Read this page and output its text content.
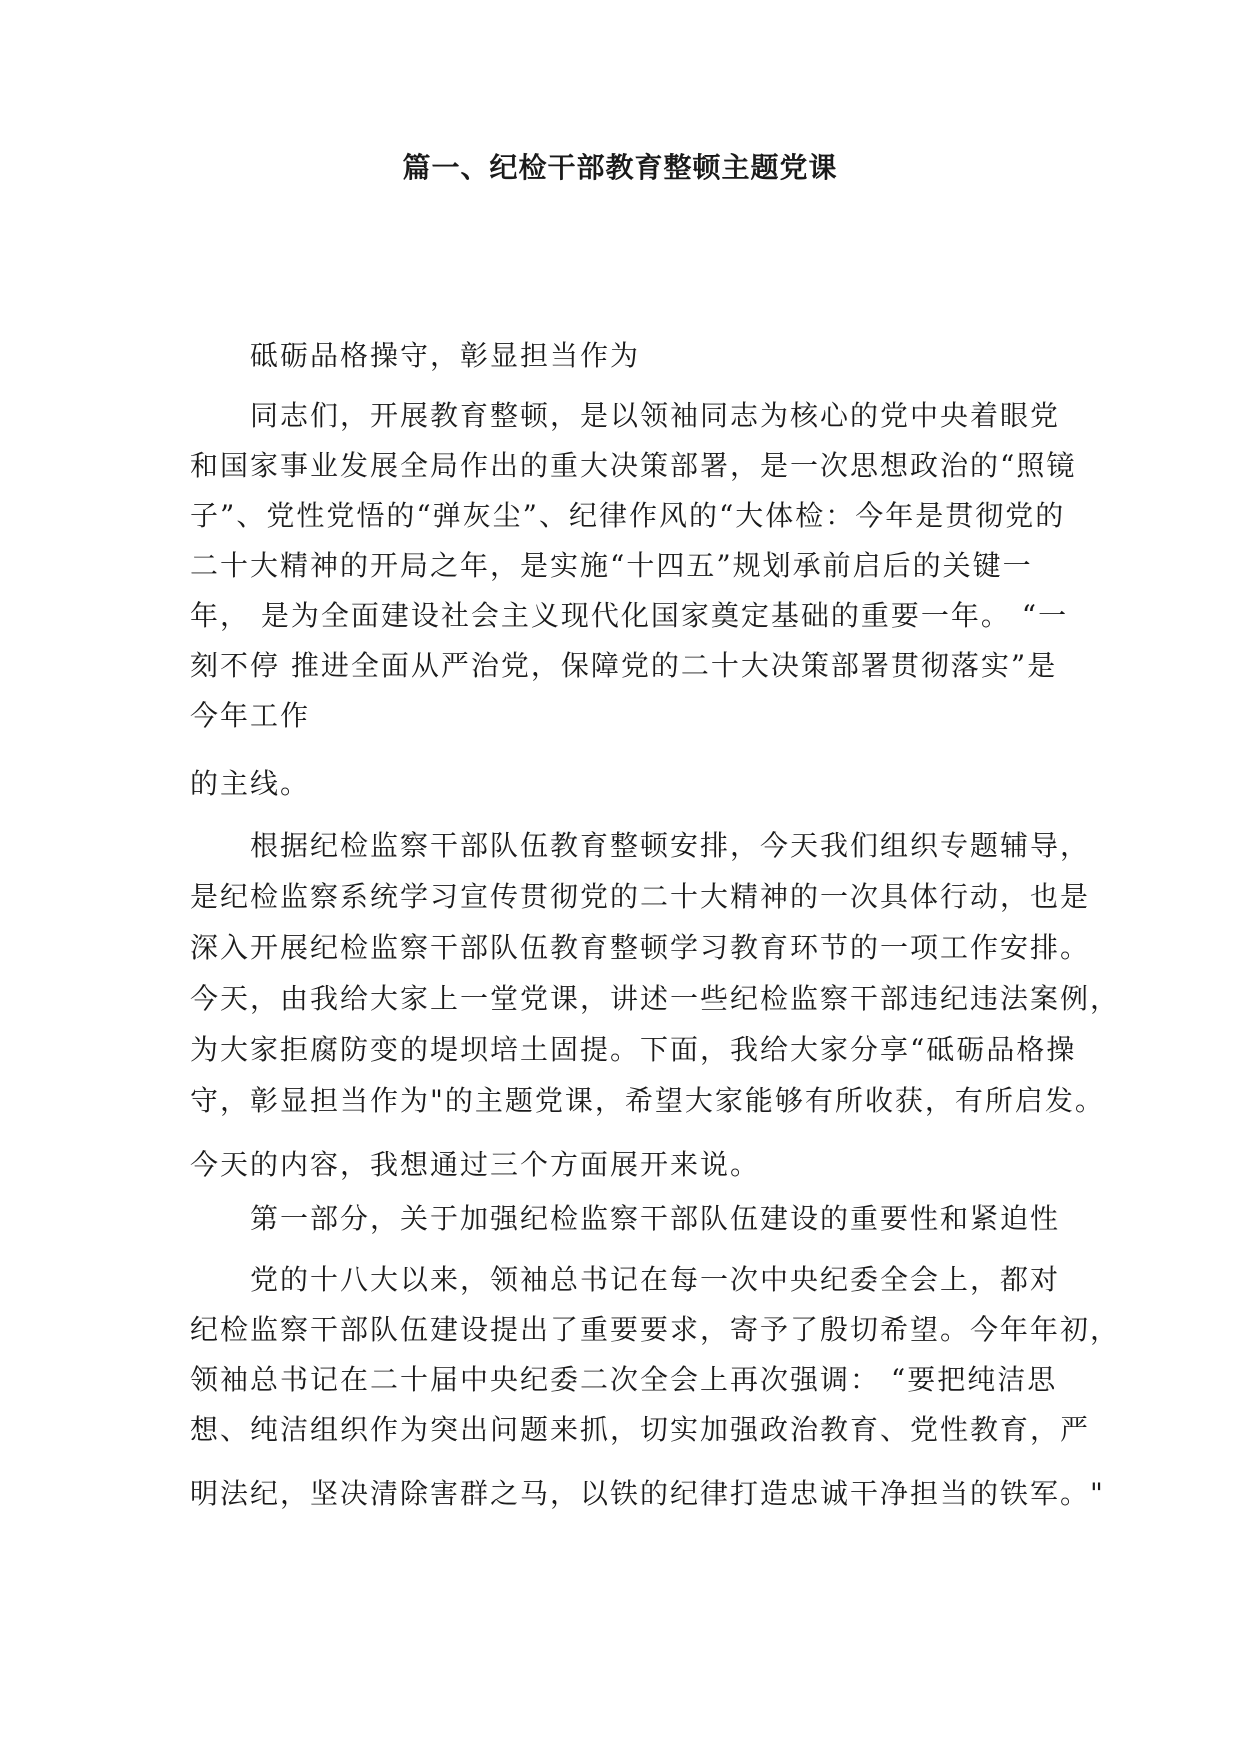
篇一、纪检干部教育整顿主题党课

砥砺品格操守，彰显担当作为

同志们，开展教育整顿，是以领袖同志为核心的党中央着眼党

和国家事业发展全局作出的重大决策部署，是一次思想政治的“照镜

子”、党性党悟的“弹灰尘”、纪律作风的“大体检：今年是贯彻党的

二十大精神的开局之年，是实施“十四五”规划承前启后的关键一

年， 是为全面建设社会主义现代化国家奠定基础的重要一年。 “一

刻不停 推进全面从严治党，保障党的二十大决策部署贯彻落实”是

今年工作

的主线。

根据纪检监察干部队伍教育整顿安排，今天我们组织专题辅导，

是纪检监察系统学习宣传贯彻党的二十大精神的一次具体行动，也是

深入开展纪检监察干部队伍教育整顿学习教育环节的一项工作安排。

今天，由我给大家上一堂党课，讲述一些纪检监察干部违纪违法案例，

为大家拒腐防变的堤坝培土固提。下面，我给大家分享“砥砺品格操

守，彰显担当作为"的主题党课，希望大家能够有所收获，有所启发。

今天的内容，我想通过三个方面展开来说。

第一部分，关于加强纪检监察干部队伍建设的重要性和紧迫性

党的十八大以来，领袖总书记在每一次中央纪委全会上，都对

纪检监察干部队伍建设提出了重要要求，寄予了殷切希望。今年年初，

领袖总书记在二十届中央纪委二次全会上再次强调： “要把纯洁思

想、纯洁组织作为突出问题来抓，切实加强政治教育、党性教育，严

明法纪，坚决清除害群之马，以铁的纪律打造忠诚干净担当的铁军。"
